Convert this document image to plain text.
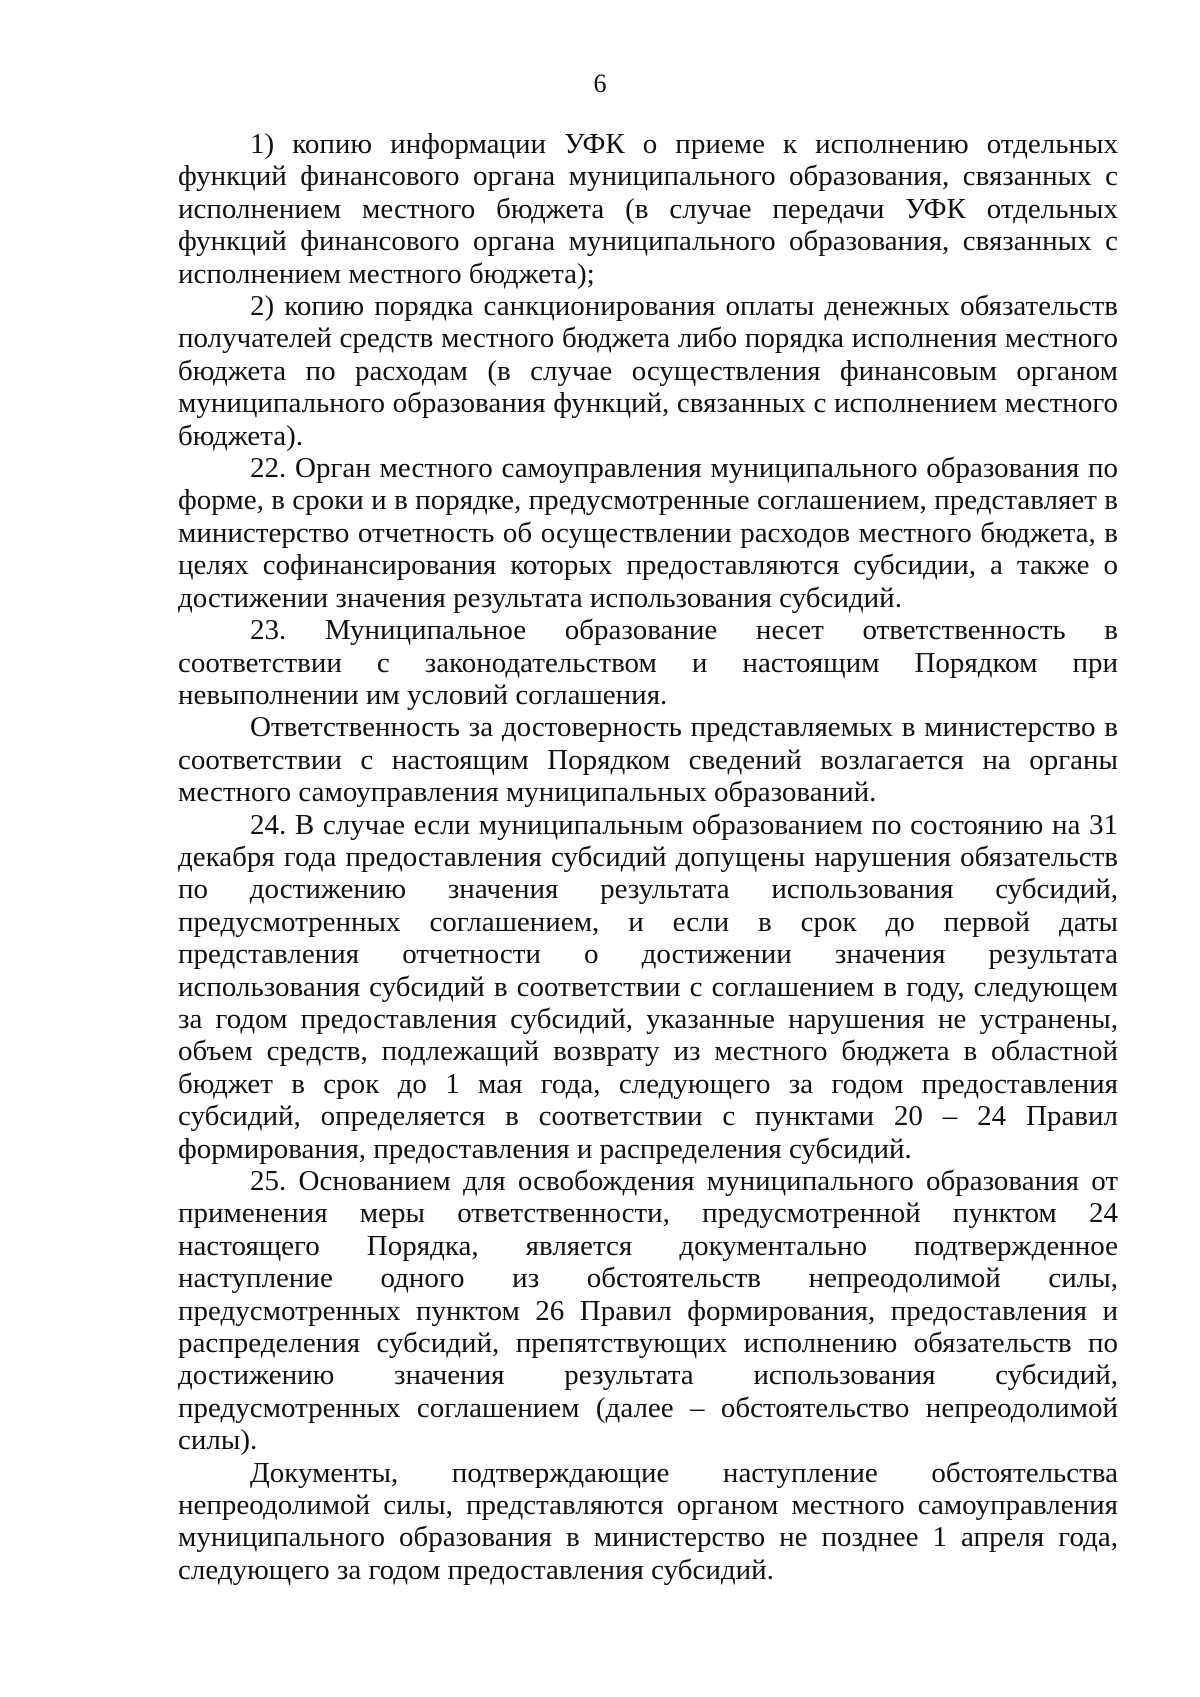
6

1) копию информации УФК о приеме к исполнению отдельных функций финансового органа муниципального образования, связанных с исполнением местного бюджета (в случае передачи УФК отдельных функций финансового органа муниципального образования, связанных с исполнением местного бюджета);

2) копию порядка санкционирования оплаты денежных обязательств получателей средств местного бюджета либо порядка исполнения местного бюджета по расходам (в случае осуществления финансовым органом муниципального образования функций, связанных с исполнением местного бюджета).

22. Орган местного самоуправления муниципального образования по форме, в сроки и в порядке, предусмотренные соглашением, представляет в министерство отчетность об осуществлении расходов местного бюджета, в целях софинансирования которых предоставляются субсидии, а также о достижении значения результата использования субсидий.

23. Муниципальное образование несет ответственность в соответствии с законодательством и настоящим Порядком при невыполнении им условий соглашения.

Ответственность за достоверность представляемых в министерство в соответствии с настоящим Порядком сведений возлагается на органы местного самоуправления муниципальных образований.

24. В случае если муниципальным образованием по состоянию на 31 декабря года предоставления субсидий допущены нарушения обязательств по достижению значения результата использования субсидий, предусмотренных соглашением, и если в срок до первой даты представления отчетности о достижении значения результата использования субсидий в соответствии с соглашением в году, следующем за годом предоставления субсидий, указанные нарушения не устранены, объем средств, подлежащий возврату из местного бюджета в областной бюджет в срок до 1 мая года, следующего за годом предоставления субсидий, определяется в соответствии с пунктами 20 – 24 Правил формирования, предоставления и распределения субсидий.

25. Основанием для освобождения муниципального образования от применения меры ответственности, предусмотренной пунктом 24 настоящего Порядка, является документально подтвержденное наступление одного из обстоятельств непреодолимой силы, предусмотренных пунктом 26 Правил формирования, предоставления и распределения субсидий, препятствующих исполнению обязательств по достижению значения результата использования субсидий, предусмотренных соглашением (далее – обстоятельство непреодолимой силы).

Документы, подтверждающие наступление обстоятельства непреодолимой силы, представляются органом местного самоуправления муниципального образования в министерство не позднее 1 апреля года, следующего за годом предоставления субсидий.
